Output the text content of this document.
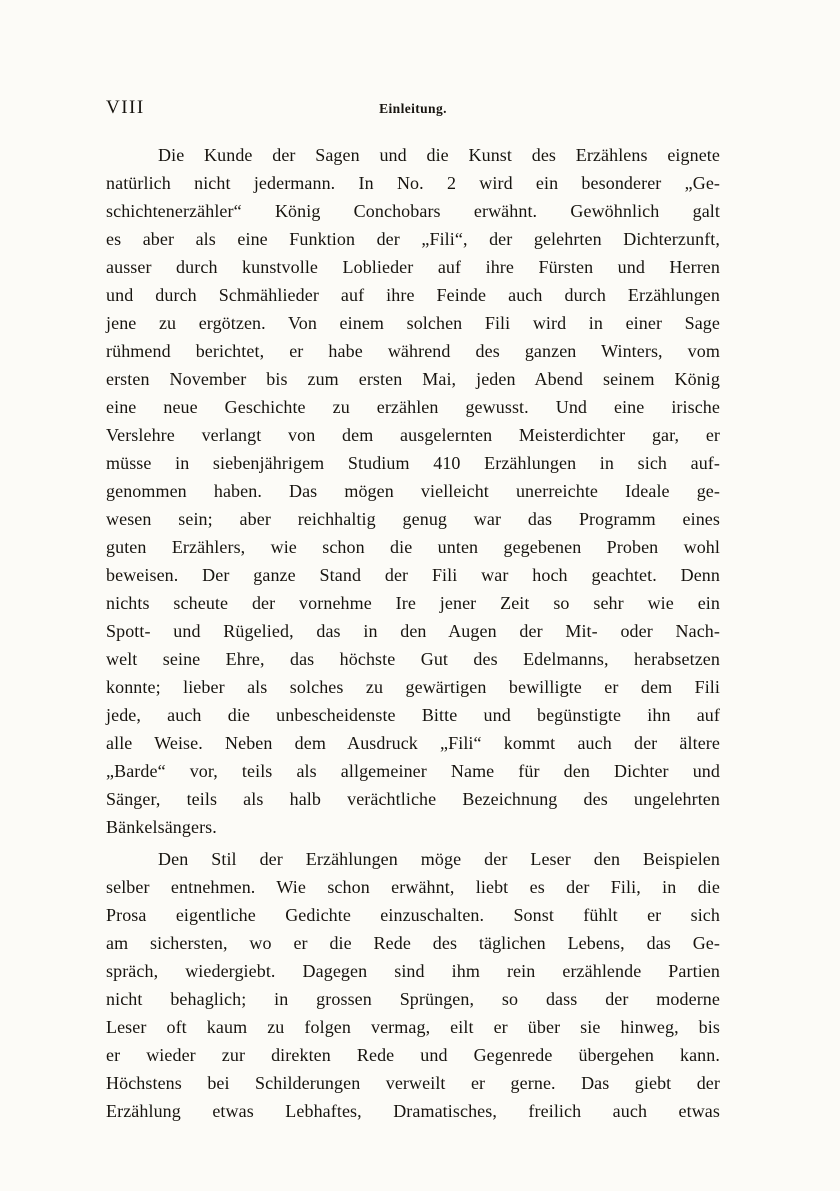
VIII	Einleitung.
Die Kunde der Sagen und die Kunst des Erzählens eignete
natürlich nicht jedermann. In No. 2 wird ein besonderer „Ge-
schichtenerzähler“ König Conchobars erwähnt. Gewöhnlich galt
es aber als eine Funktion der „Fili“, der gelehrten Dichterzunft,
ausser durch kunstvolle Loblieder auf ihre Fürsten und Herren
und durch Schmählieder auf ihre Feinde auch durch Erzählungen
jene zu ergötzen. Von einem solchen Fili wird in einer Sage
rühmend berichtet, er habe während des ganzen Winters, vom
ersten November bis zum ersten Mai, jeden Abend seinem König
eine neue Geschichte zu erzählen gewusst. Und eine irische
Verslehre verlangt von dem ausgelernten Meisterdichter gar, er
müsse in siebenjährigem Studium 410 Erzählungen in sich auf-
genommen haben. Das mögen vielleicht unerreichte Ideale ge-
wesen sein; aber reichhaltig genug war das Programm eines
guten Erzählers, wie schon die unten gegebenen Proben wohl
beweisen. Der ganze Stand der Fili war hoch geachtet. Denn
nichts scheute der vornehme Ire jener Zeit so sehr wie ein
Spott- und Rügelied, das in den Augen der Mit- oder Nach-
welt seine Ehre, das höchste Gut des Edelmanns, herabsetzen
konnte; lieber als solches zu gewärtigen bewilligte er dem Fili
jede, auch die unbescheidenste Bitte und begünstigte ihn auf
alle Weise. Neben dem Ausdruck „Fili“ kommt auch der ältere
„Barde“ vor, teils als allgemeiner Name für den Dichter und
Sänger, teils als halb verächtliche Bezeichnung des ungelehrten
Bänkelsängers.
Den Stil der Erzählungen möge der Leser den Beispielen
selber entnehmen. Wie schon erwähnt, liebt es der Fili, in die
Prosa eigentliche Gedichte einzuschalten. Sonst fühlt er sich
am sichersten, wo er die Rede des täglichen Lebens, das Ge-
spräch, wiedergiebt. Dagegen sind ihm rein erzählende Partien
nicht behaglich; in grossen Sprüngen, so dass der moderne
Leser oft kaum zu folgen vermag, eilt er über sie hinweg, bis
er wieder zur direkten Rede und Gegenrede übergehen kann.
Höchstens bei Schilderungen verweilt er gerne. Das giebt der
Erzählung etwas Lebhaftes, Dramatisches, freilich auch etwas
